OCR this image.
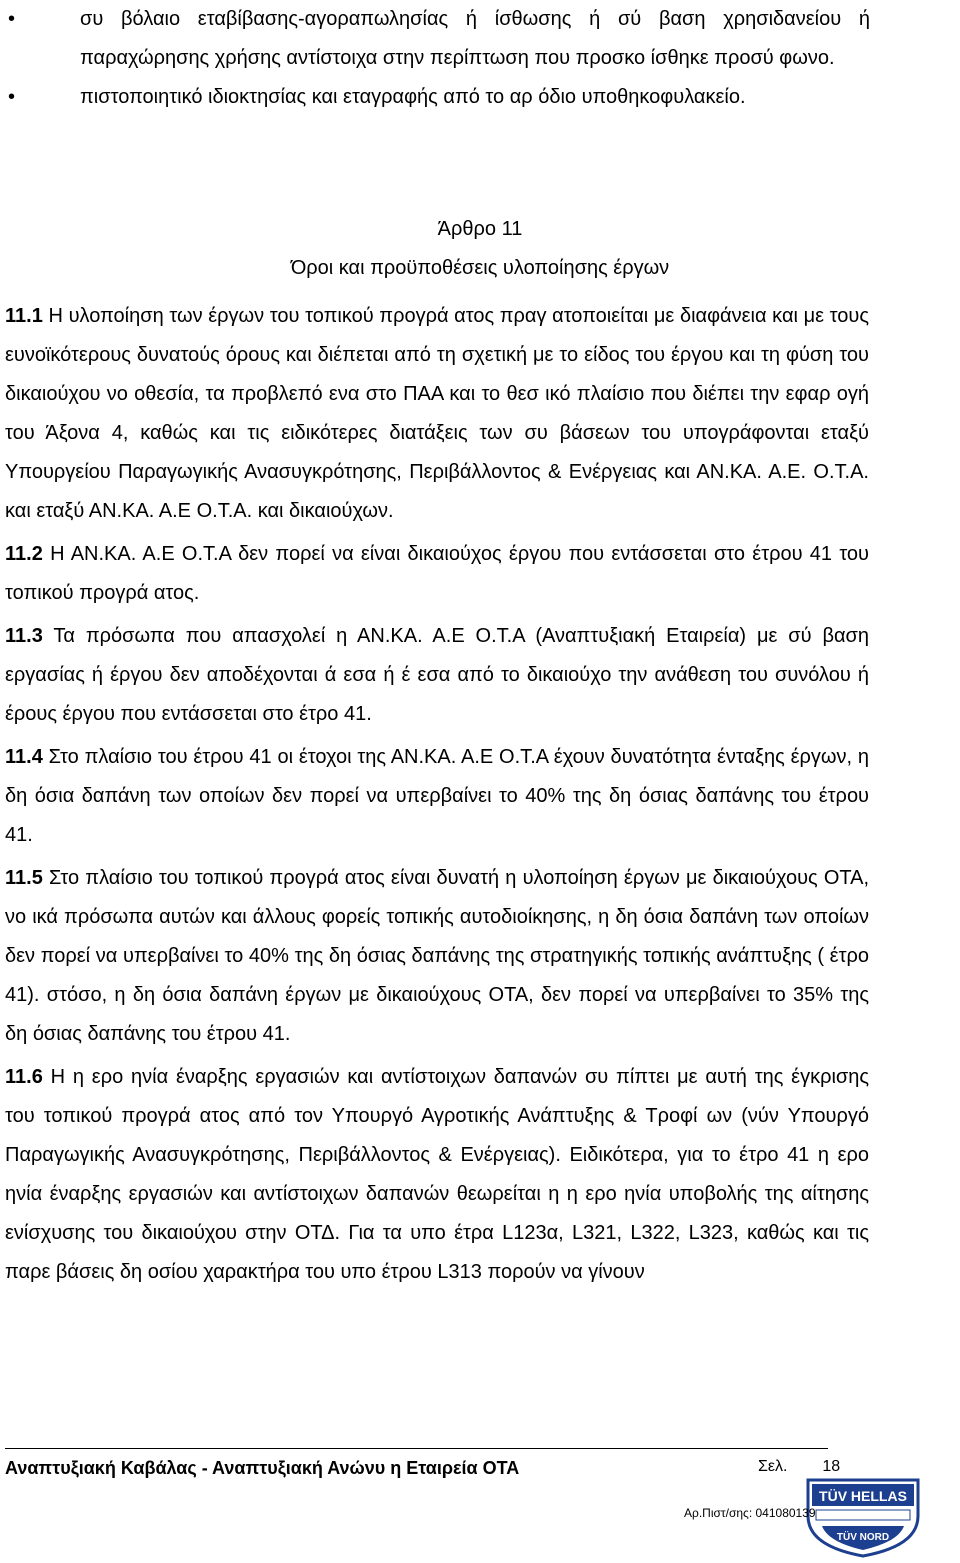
•	συ βόλαιο εταβίβασης-αγοραπωλησίας ή ίσθωσης ή σύ βαση χρησιδανείου ή παραχώρησης χρήσης αντίστοιχα στην περίπτωση που προσκο ίσθηκε προσύ φωνο.
•	πιστοποιητικό ιδιοκτησίας και εταγραφής από το αρ όδιο υποθηκοφυλακείο.
Άρθρο 11
Όροι και προϋποθέσεις υλοποίησης έργων

11.1 Η υλοποίηση των έργων του τοπικού προγρά ατος πραγ ατοποιείται με διαφάνεια και με τους ευνοϊκότερους δυνατούς όρους και διέπεται από τη σχετική με το είδος του έργου και τη φύση του δικαιούχου νο οθεσία, τα προβλεπό ενα στο ΠΑΑ και το θεσ ικό πλαίσιο που διέπει την εφαρ ογή του Άξονα 4, καθώς και τις ειδικότερες διατάξεις των συ βάσεων του υπογράφονται εταξύ Υπουργείου Παραγωγικής Ανασυγκρότησης, Περιβάλλοντος & Ενέργειας και ΑΝ.ΚΑ. Α.Ε. Ο.Τ.Α. και εταξύ ΑΝ.ΚΑ. Α.Ε Ο.Τ.Α. και δικαιούχων.

11.2 Η ΑΝ.ΚΑ. Α.Ε Ο.Τ.Α δεν πορεί να είναι δικαιούχος έργου που εντάσσεται στο έτρου 41 του τοπικού προγρά ατος.

11.3 Τα πρόσωπα που απασχολεί η ΑΝ.ΚΑ. Α.Ε Ο.Τ.Α (Αναπτυξιακή Εταιρεία) με σύ βαση εργασίας ή έργου δεν αποδέχονται ά εσα ή έ εσα από το δικαιούχο την ανάθεση του συνόλου ή έρους έργου που εντάσσεται στο έτρο 41.

11.4 Στο πλαίσιο του έτρου 41 οι έτοχοι της ΑΝ.ΚΑ. Α.Ε Ο.Τ.Α έχουν δυνατότητα ένταξης έργων, η δη όσια δαπάνη των οποίων δεν πορεί να υπερβαίνει το 40% της δη όσιας δαπάνης του έτρου 41.

11.5 Στο πλαίσιο του τοπικού προγρά ατος είναι δυνατή η υλοποίηση έργων με δικαιούχους ΟΤΑ, νο ικά πρόσωπα αυτών και άλλους φορείς τοπικής αυτοδιοίκησης, η δη όσια δαπάνη των οποίων δεν πορεί να υπερβαίνει το 40% της δη όσιας δαπάνης της στρατηγικής τοπικής ανάπτυξης ( έτρο 41). στόσο, η δη όσια δαπάνη έργων με δικαιούχους ΟΤΑ, δεν πορεί να υπερβαίνει το 35% της δη όσιας δαπάνης του έτρου 41.

11.6 Η η ερο ηνία έναρξης εργασιών και αντίστοιχων δαπανών συ πίπτει με αυτή της έγκρισης του τοπικού προγρά ατος από τον Υπουργό Αγροτικής Ανάπτυξης & Τροφί ων (νύν Υπουργό Παραγωγικής Ανασυγκρότησης, Περιβάλλοντος & Ενέργειας). Ειδικότερα, για το έτρο 41 η ερο ηνία έναρξης εργασιών και αντίστοιχων δαπανών θεωρείται η η ερο ηνία υποβολής της αίτησης ενίσχυσης του δικαιούχου στην ΟΤΔ. Για τα υπο έτρα L123α, L321, L322, L323, καθώς και τις παρε βάσεις δη οσίου χαρακτήρα του υπο έτρου L313 πορούν να γίνουν

Αναπτυξιακή Καβάλας - Αναπτυξιακή Ανώνυ η Εταιρεία ΟΤΑ	Σελ. 18
TÜV HELLAS
TÜV NORD
Αρ.Πιστ/σης: 041080139
